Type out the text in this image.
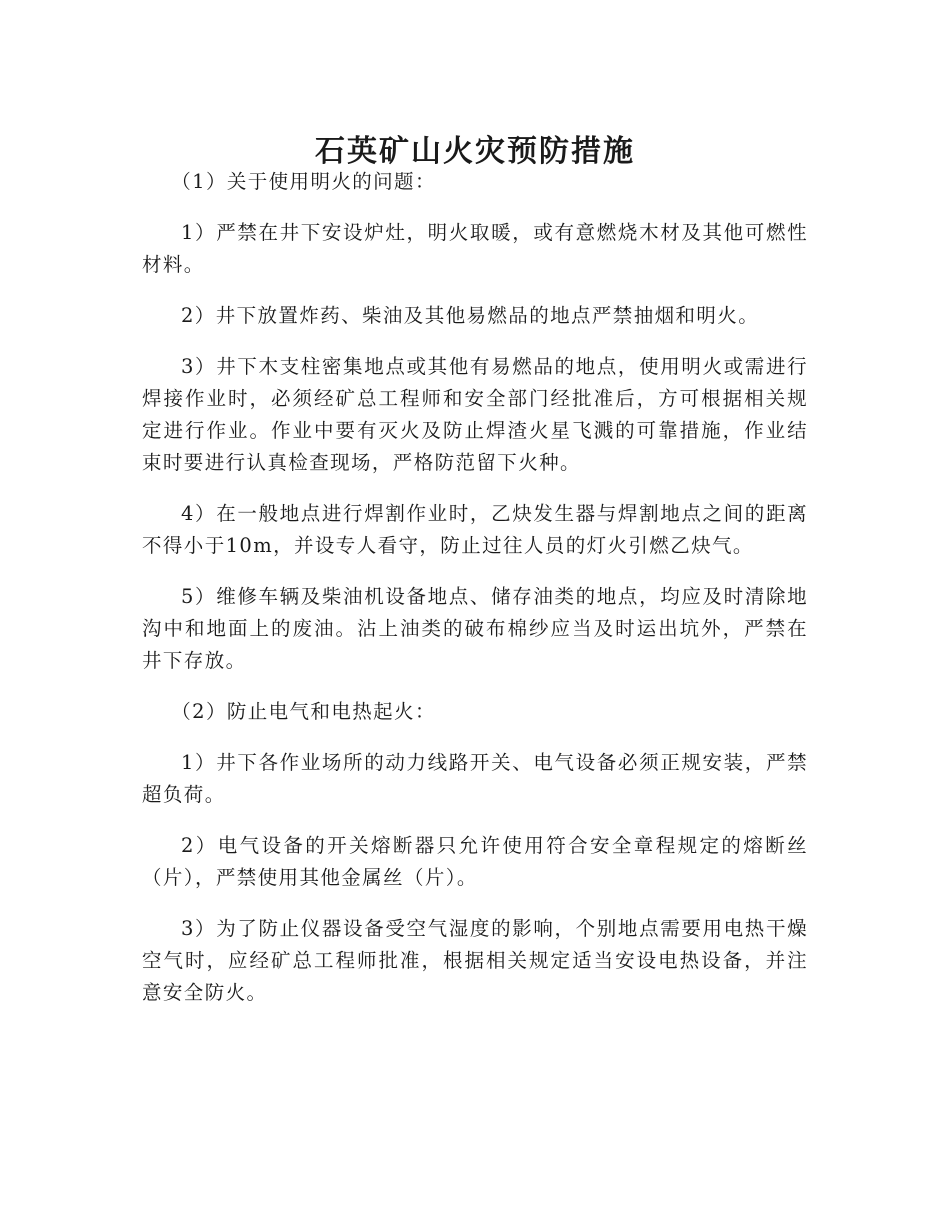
石英矿山火灾预防措施

（1）关于使用明火的问题：

1）严禁在井下安设炉灶，明火取暖，或有意燃烧木材及其他可燃性材料。

2）井下放置炸药、柴油及其他易燃品的地点严禁抽烟和明火。

3）井下木支柱密集地点或其他有易燃品的地点，使用明火或需进行焊接作业时，必须经矿总工程师和安全部门经批准后，方可根据相关规定进行作业。作业中要有灭火及防止焊渣火星飞溅的可靠措施，作业结束时要进行认真检查现场，严格防范留下火种。

4）在一般地点进行焊割作业时，乙炔发生器与焊割地点之间的距离不得小于10m，并设专人看守，防止过往人员的灯火引燃乙炔气。

5）维修车辆及柴油机设备地点、储存油类的地点，均应及时清除地沟中和地面上的废油。沾上油类的破布棉纱应当及时运出坑外，严禁在井下存放。

（2）防止电气和电热起火：

1）井下各作业场所的动力线路开关、电气设备必须正规安装，严禁超负荷。

2）电气设备的开关熔断器只允许使用符合安全章程规定的熔断丝（片），严禁使用其他金属丝（片）。

3）为了防止仪器设备受空气湿度的影响，个别地点需要用电热干燥空气时，应经矿总工程师批准，根据相关规定适当安设电热设备，并注意安全防火。
